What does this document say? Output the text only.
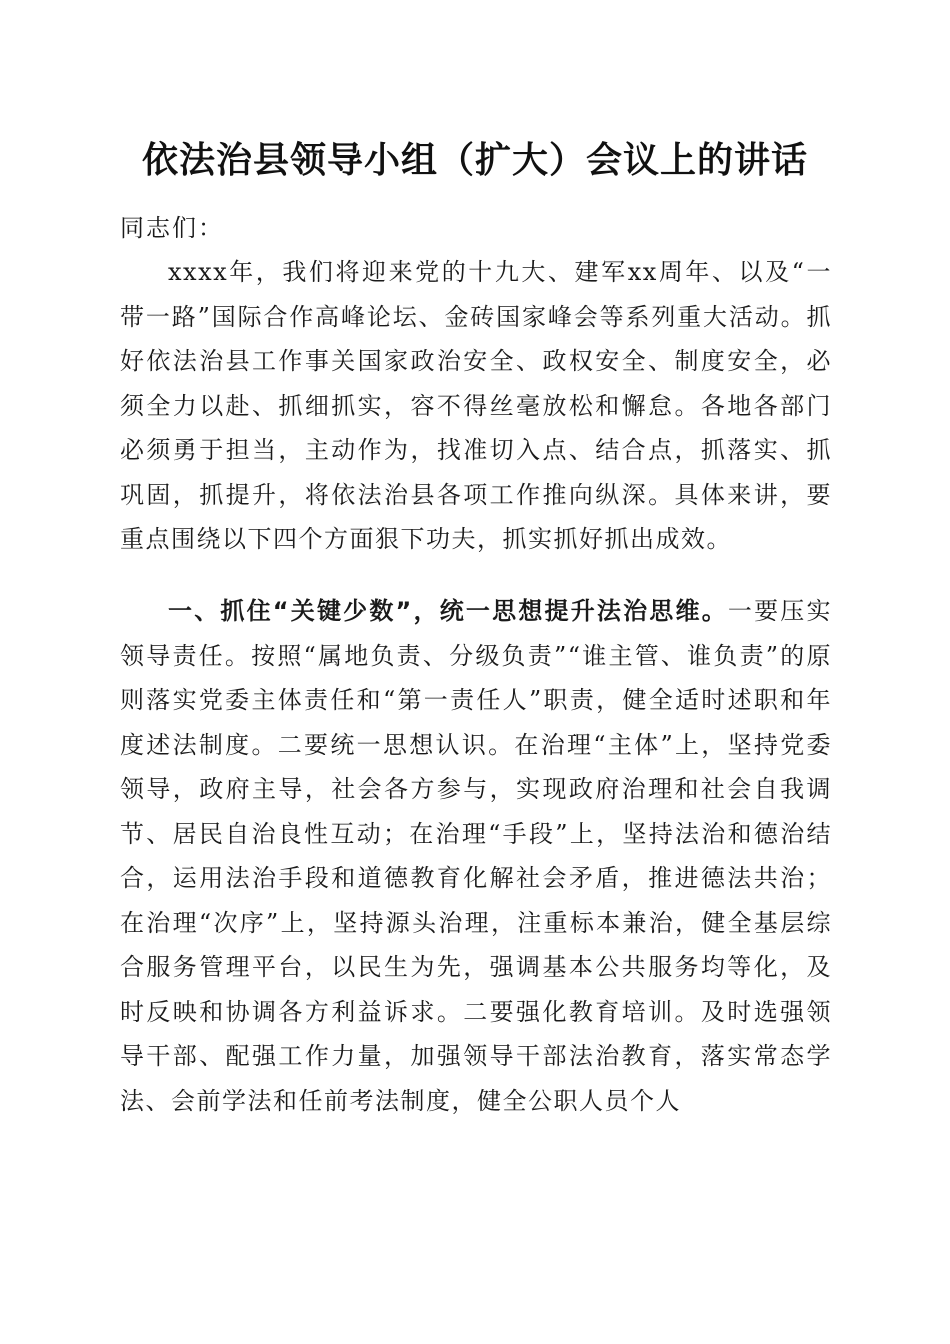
依法治县领导小组（扩大）会议上的讲话
同志们：

xxxx年，我们将迎来党的十九大、建军xx周年、以及“一带一路”国际合作高峰论坛、金砖国家峰会等系列重大活动。抓好依法治县工作事关国家政治安全、政权安全、制度安全，必须全力以赴、抓细抓实，容不得丝毫放松和懈怠。各地各部门必须勇于担当，主动作为，找准切入点、结合点，抓落实、抓巩固，抓提升，将依法治县各项工作推向纵深。具体来讲，要重点围绕以下四个方面狠下功夫，抓实抓好抓出成效。

一、抓住“关键少数”，统一思想提升法治思维。一要压实领导责任。按照“属地负责、分级负责”“谁主管、谁负责”的原则落实党委主体责任和“第一责任人”职责，健全适时述职和年度述法制度。二要统一思想认识。在治理“主体”上，坚持党委领导，政府主导，社会各方参与，实现政府治理和社会自我调节、居民自治良性互动；在治理“手段”上，坚持法治和德治结合，运用法治手段和道德教育化解社会矛盾，推进德法共治；在治理“次序”上，坚持源头治理，注重标本兼治，健全基层综合服务管理平台，以民生为先，强调基本公共服务均等化，及时反映和协调各方利益诉求。二要强化教育培训。及时选强领导干部、配强工作力量，加强领导干部法治教育，落实常态学法、会前学法和任前考法制度，健全公职人员个人
